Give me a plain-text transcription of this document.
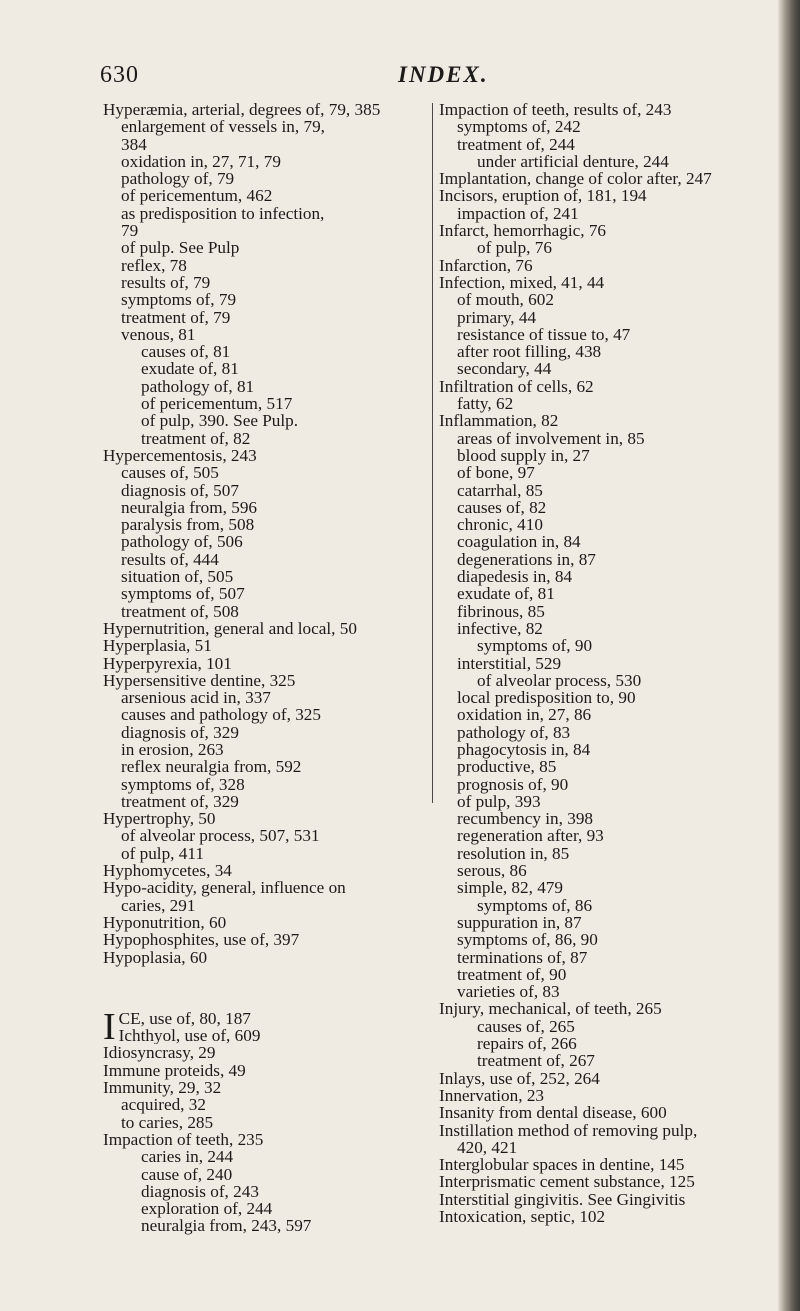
630	INDEX.
Hyperæmia, arterial, degrees of, 79, 385
enlargement of vessels in, 79,
384
oxidation in, 27, 71, 79
pathology of, 79
of pericementum, 462
as predisposition to infection,
79
of pulp. See Pulp
reflex, 78
results of, 79
symptoms of, 79
treatment of, 79
venous, 81
causes of, 81
exudate of, 81
pathology of, 81
of pericementum, 517
of pulp, 390. See Pulp.
treatment of, 82
Hypercementosis, 243
causes of, 505
diagnosis of, 507
neuralgia from, 596
paralysis from, 508
pathology of, 506
results of, 444
situation of, 505
symptoms of, 507
treatment of, 508
Hypernutrition, general and local, 50
Hyperplasia, 51
Hyperpyrexia, 101
Hypersensitive dentine, 325
arsenious acid in, 337
causes and pathology of, 325
diagnosis of, 329
in erosion, 263
reflex neuralgia from, 592
symptoms of, 328
treatment of, 329
Hypertrophy, 50
of alveolar process, 507, 531
of pulp, 411
Hyphomycetes, 34
Hypo-acidity, general, influence on
caries, 291
Hyponutrition, 60
Hypophosphites, use of, 397
Hypoplasia, 60
I CE, use of, 80, 187
Ichthyol, use of, 609
Idiosyncrasy, 29
Immune proteids, 49
Immunity, 29, 32
acquired, 32
to caries, 285
Impaction of teeth, 235
caries in, 244
cause of, 240
diagnosis of, 243
exploration of, 244
neuralgia from, 243, 597
Impaction of teeth, results of, 243
symptoms of, 242
treatment of, 244
under artificial denture, 244
Implantation, change of color after, 247
Incisors, eruption of, 181, 194
impaction of, 241
Infarct, hemorrhagic, 76
of pulp, 76
Infarction, 76
Infection, mixed, 41, 44
of mouth, 602
primary, 44
resistance of tissue to, 47
after root filling, 438
secondary, 44
Infiltration of cells, 62
fatty, 62
Inflammation, 82
areas of involvement in, 85
blood supply in, 27
of bone, 97
catarrhal, 85
causes of, 82
chronic, 410
coagulation in, 84
degenerations in, 87
diapedesis in, 84
exudate of, 81
fibrinous, 85
infective, 82
symptoms of, 90
interstitial, 529
of alveolar process, 530
local predisposition to, 90
oxidation in, 27, 86
pathology of, 83
phagocytosis in, 84
productive, 85
prognosis of, 90
of pulp, 393
recumbency in, 398
regeneration after, 93
resolution in, 85
serous, 86
simple, 82, 479
symptoms of, 86
suppuration in, 87
symptoms of, 86, 90
terminations of, 87
treatment of, 90
varieties of, 83
Injury, mechanical, of teeth, 265
causes of, 265
repairs of, 266
treatment of, 267
Inlays, use of, 252, 264
Innervation, 23
Insanity from dental disease, 600
Instillation method of removing pulp,
420, 421
Interglobular spaces in dentine, 145
Interprismatic cement substance, 125
Interstitial gingivitis. See Gingivitis
Intoxication, septic, 102
